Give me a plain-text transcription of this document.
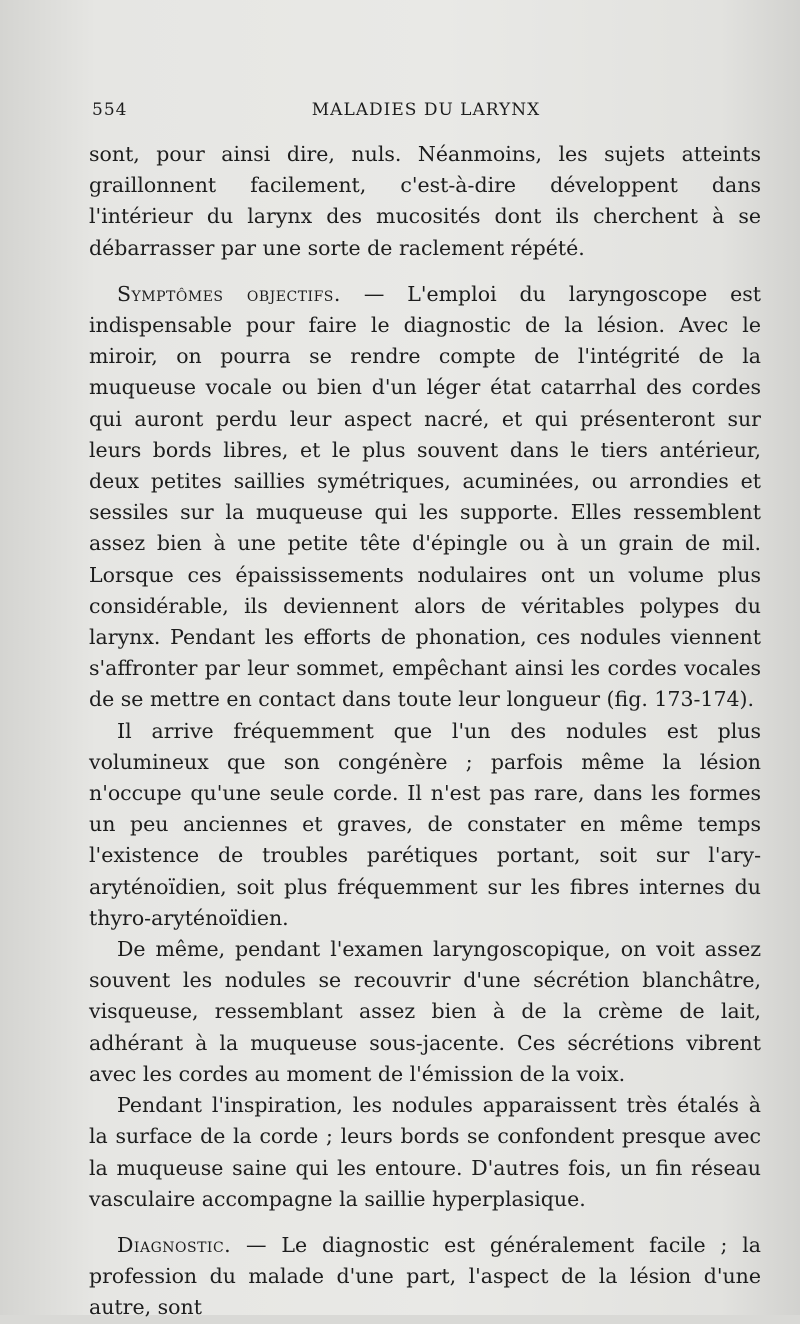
554	MALADIES DU LARYNX

sont, pour ainsi dire, nuls. Néanmoins, les sujets atteints graillonnent facilement, c'est-à-dire développent dans l'intérieur du larynx des mucosités dont ils cherchent à se débarrasser par une sorte de raclement répété.

Symptômes objectifs. — L'emploi du laryngoscope est indispensable pour faire le diagnostic de la lésion. Avec le miroir, on pourra se rendre compte de l'intégrité de la muqueuse vocale ou bien d'un léger état catarrhal des cordes qui auront perdu leur aspect nacré, et qui présenteront sur leurs bords libres, et le plus souvent dans le tiers antérieur, deux petites saillies symétriques, acuminées, ou arrondies et sessiles sur la muqueuse qui les supporte. Elles ressemblent assez bien à une petite tête d'épingle ou à un grain de mil. Lorsque ces épaississements nodulaires ont un volume plus considérable, ils deviennent alors de véritables polypes du larynx. Pendant les efforts de phonation, ces nodules viennent s'affronter par leur sommet, empêchant ainsi les cordes vocales de se mettre en contact dans toute leur longueur (fig. 173-174).

Il arrive fréquemment que l'un des nodules est plus volumineux que son congénère ; parfois même la lésion n'occupe qu'une seule corde. Il n'est pas rare, dans les formes un peu anciennes et graves, de constater en même temps l'existence de troubles parétiques portant, soit sur l'ary-aryténoïdien, soit plus fréquemment sur les fibres internes du thyro-aryténoïdien.

De même, pendant l'examen laryngoscopique, on voit assez souvent les nodules se recouvrir d'une sécrétion blanchâtre, visqueuse, ressemblant assez bien à de la crème de lait, adhérant à la muqueuse sous-jacente. Ces sécrétions vibrent avec les cordes au moment de l'émission de la voix.

Pendant l'inspiration, les nodules apparaissent très étalés à la surface de la corde ; leurs bords se confondent presque avec la muqueuse saine qui les entoure. D'autres fois, un fin réseau vasculaire accompagne la saillie hyperplasique.

Diagnostic. — Le diagnostic est généralement facile ; la profession du malade d'une part, l'aspect de la lésion d'une autre, sont
